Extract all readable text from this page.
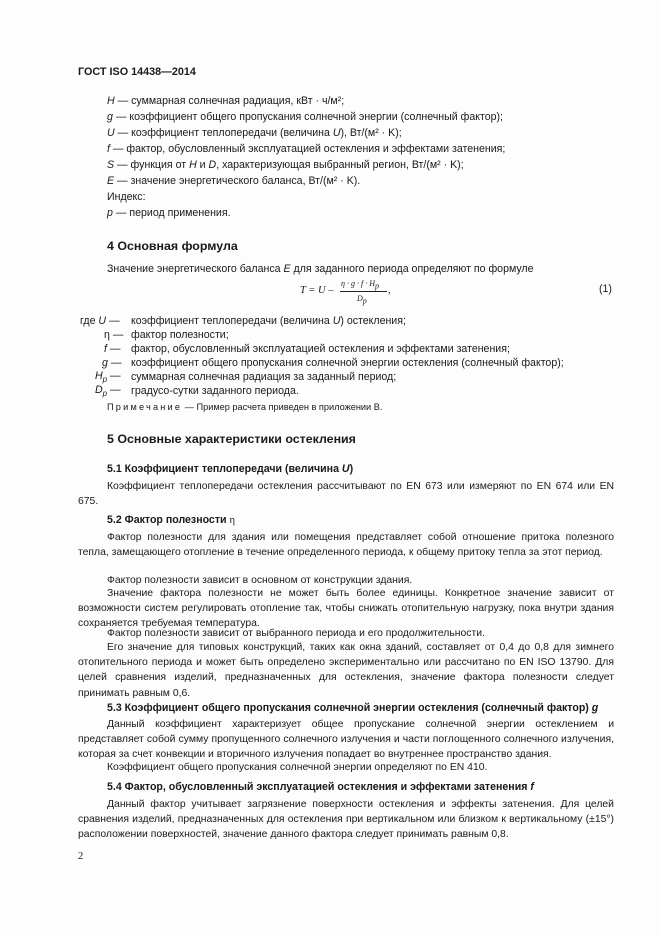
ГОСТ ISO 14438—2014
H — суммарная солнечная радиация, кВт · ч/м²;
g — коэффициент общего пропускания солнечной энергии (солнечный фактор);
U — коэффициент теплопередачи (величина U), Вт/(м² · K);
f — фактор, обусловленный эксплуатацией остекления и эффектами затенения;
S — функция от H и D, характеризующая выбранный регион, Вт/(м² · K);
E — значение энергетического баланса, Вт/(м² · K).
Индекс:
p — период применения.
4 Основная формула
Значение энергетического баланса E для заданного периода определяют по формуле
T = U –
$\eta \cdot g \cdot f \cdot H_p$
$D_p$
,	(1)
где U — коэффициент теплопередачи (величина U) остекления;
η — фактор полезности;
f — фактор, обусловленный эксплуатацией остекления и эффектами затенения;
g — коэффициент общего пропускания солнечной энергии остекления (солнечный фактор);
$H_p$ — суммарная солнечная радиация за заданный период;
$D_p$ — градусо-сутки заданного периода.
Примечание — Пример расчета приведен в приложении В.
5 Основные характеристики остекления
5.1 Коэффициент теплопередачи (величина U)
Коэффициент теплопередачи остекления рассчитывают по EN 673 или измеряют по EN 674 или EN 675.
5.2 Фактор полезности η
Фактор полезности для здания или помещения представляет собой отношение притока полезного тепла, замещающего отопление в течение определенного периода, к общему притоку тепла за этот период.
Фактор полезности зависит в основном от конструкции здания.
Значение фактора полезности не может быть более единицы. Конкретное значение зависит от возможности систем регулировать отопление так, чтобы снижать отопительную нагрузку, пока внутри здания сохраняется требуемая температура.
Фактор полезности зависит от выбранного периода и его продолжительности.
Его значение для типовых конструкций, таких как окна зданий, составляет от 0,4 до 0,8 для зимнего отопительного периода и может быть определено экспериментально или рассчитано по EN ISO 13790. Для целей сравнения изделий, предназначенных для остекления, значение фактора полезности следует принимать равным 0,6.
5.3 Коэффициент общего пропускания солнечной энергии остекления (солнечный фактор) g
Данный коэффициент характеризует общее пропускание солнечной энергии остеклением и представляет собой сумму пропущенного солнечного излучения и части поглощенного солнечного излучения, которая за счет конвекции и вторичного излучения попадает во внутреннее пространство здания.
Коэффициент общего пропускания солнечной энергии определяют по EN 410.
5.4 Фактор, обусловленный эксплуатацией остекления и эффектами затенения f
Данный фактор учитывает загрязнение поверхности остекления и эффекты затенения. Для целей сравнения изделий, предназначенных для остекления при вертикальном или близком к вертикальному (±15°) расположении поверхностей, значение данного фактора следует принимать равным 0,8.
2
